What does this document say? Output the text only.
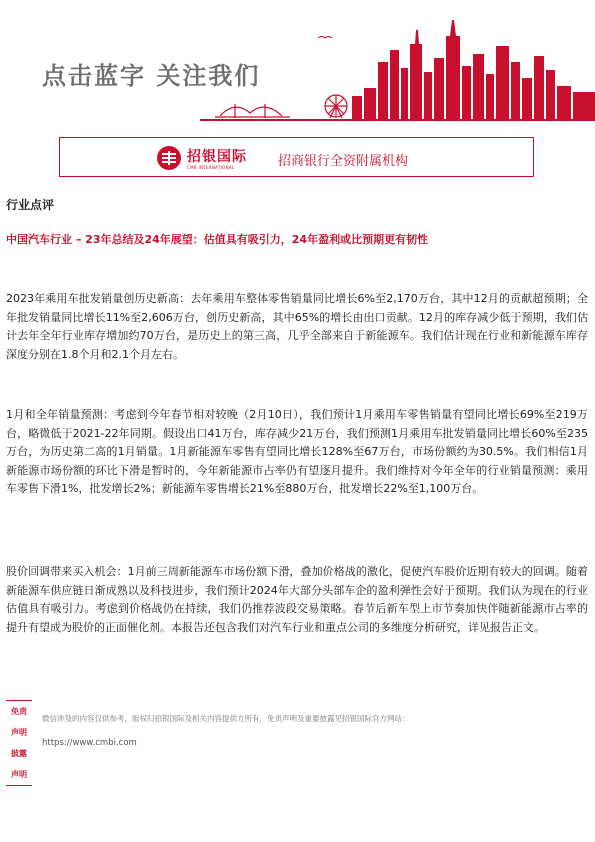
点击蓝字 关注我们
招银国际
CMB INTERNATIONAL	招商银行全资附属机构
行业点评
中国汽车行业 – 23年总结及24年展望：估值具有吸引力，24年盈利或比预期更有韧性

2023年乘用车批发销量创历史新高：去年乘用车整体零售销量同比增长6%至2,170万台，其中12月的贡献超预期；全年批发销量同比增长11%至2,606万台，创历史新高，其中65%的增长由出口贡献。12月的库存减少低于预期，我们估计去年全年行业库存增加约70万台，是历史上的第三高，几乎全部来自于新能源车。我们估计现在行业和新能源车库存深度分别在1.8个月和2.1个月左右。

1月和全年销量预测：考虑到今年春节相对较晚（2月10日），我们预计1月乘用车零售销量有望同比增长69%至219万台，略微低于2021-22年同期。假设出口41万台，库存减少21万台，我们预测1月乘用车批发销量同比增长60%至235万台，为历史第二高的1月销量。1月新能源车零售有望同比增长128%至67万台，市场份额约为30.5%。我们相信1月新能源市场份额的环比下滑是暂时的，今年新能源市占率仍有望逐月提升。我们维持对今年全年的行业销量预测：乘用车零售下滑1%，批发增长2%；新能源车零售增长21%至880万台，批发增长22%至1,100万台。

股价回调带来买入机会：1月前三周新能源车市场份额下滑，叠加价格战的激化，促使汽车股价近期有较大的回调。随着新能源车供应链日渐成熟以及科技进步，我们预计2024年大部分头部车企的盈利弹性会好于预期。我们认为现在的行业估值具有吸引力。考虑到价格战仍在持续，我们仍推荐波段交易策略。春节后新车型上市节奏加快伴随新能源市占率的提升有望成为股价的正面催化剂。本报告还包含我们对汽车行业和重点公司的多维度分析研究，详见报告正文。

免责

声明

披露

声明

微信涉及的内容仅供参考，版权归招银国际及相关内容提供方所有，免责声明及重要披露见招银国际官方网站：
https://www.cmbi.com
